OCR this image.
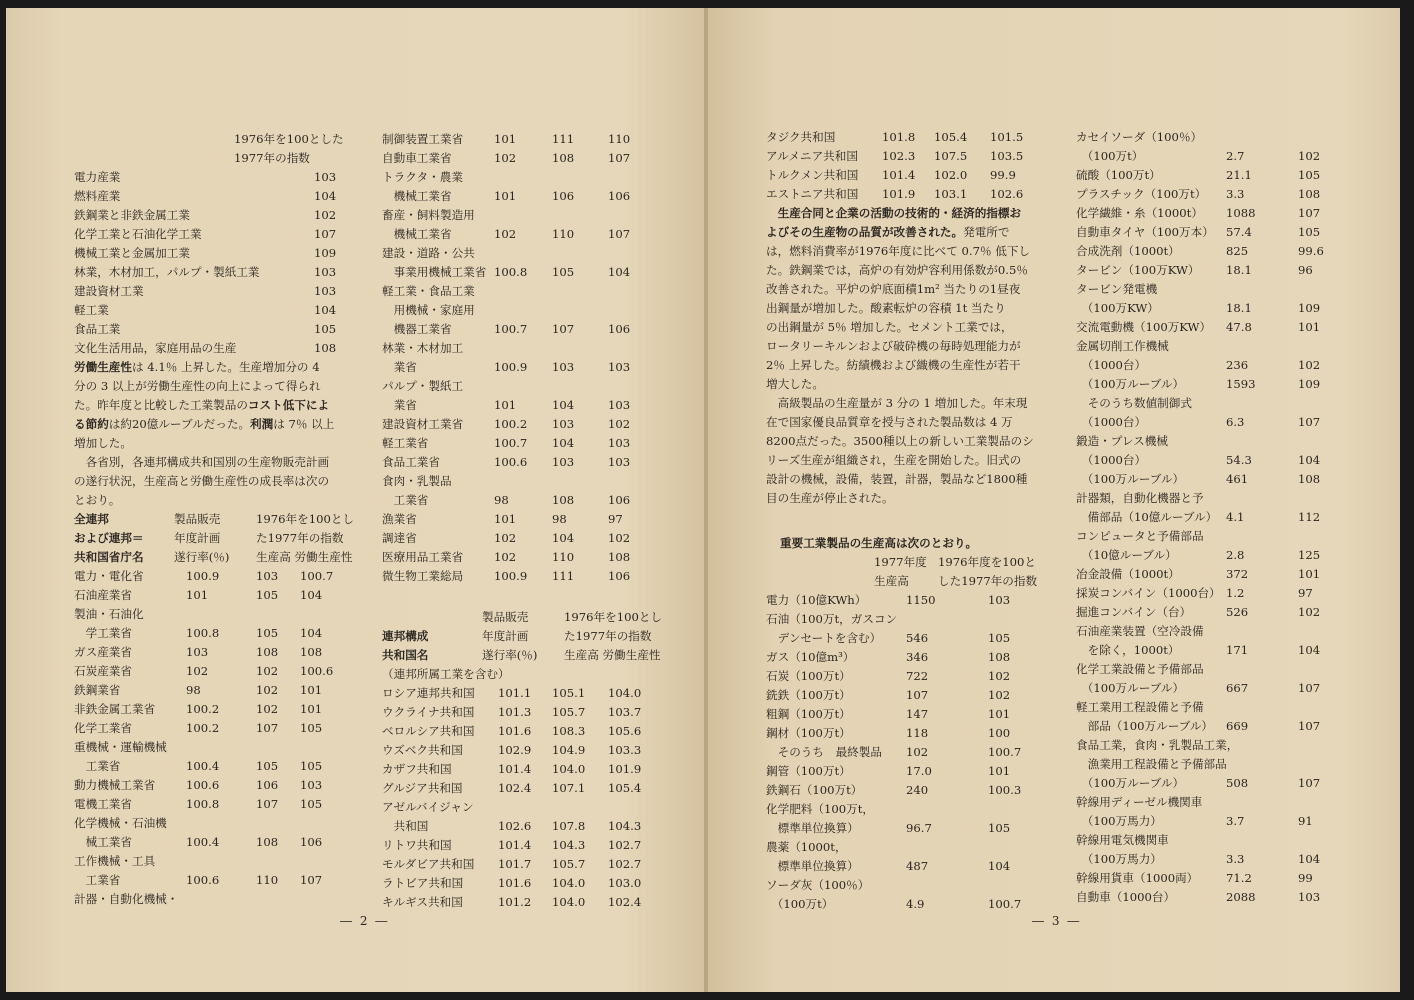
1976年を100とした
1977年の指数
電力産業	103
燃料産業	104
鉄鋼業と非鉄金属工業	102
化学工業と石油化学工業	107
機械工業と金属加工業	109
林業，木材加工，パルプ・製紙工業	103
建設資材工業	103
軽工業	104
食品工業	105
文化生活用品，家庭用品の生産	108
労働生産性は 4.1％ 上昇した。生産増加分の 4
分の 3 以上が労働生産性の向上によって得られ
た。昨年度と比較した工業製品のコスト低下によ
る節約は約20億ルーブルだった。利潤は 7％ 以上
増加した。
　各省別，各連邦構成共和国別の生産物販売計画
の遂行状況，生産高と労働生産性の成長率は次の
とおり。
全連邦	製品販売	1976年を100とし
および連邦＝	年度計画	た1977年の指数
共和国省庁名	遂行率(％) 生産高 労働生産性
電力・電化省	100.9	103 100.7
石油産業省	101	105 104
製油・石油化
　学工業省	100.8	105 104
ガス産業省	103	108 108
石炭産業省	102	102 100.6
鉄鋼業省	98	102 101
非鉄金属工業省	100.2	102 101
化学工業省	100.2	107 105
重機械・運輸機械
　工業省	100.4	105 105
動力機械工業省	100.6	106 103
電機工業省	100.8	107 105
化学機械・石油機
　械工業省	100.4	108 106
工作機械・工具
　工業省	100.6	110 107
計器・自動化機械・
制御装置工業省	101	111	110
自動車工業省	102	108	107
トラクタ・農業
　機械工業省	101	106	106
畜産・飼料製造用
　機械工業省	102	110	107
建設・道路・公共
　事業用機械工業省 100.8 105	104
軽工業・食品工業
　用機械・家庭用
　機器工業省	100.7 107	106
林業・木材加工
　業省	100.9 103	103
パルプ・製紙工
　業省	101	104	103
建設資材工業省	100.2 103	102
軽工業省	100.7 104	103
食品工業省	100.6 103	103
食肉・乳製品
　工業省	98	108	106
漁業省	101	98	97
調達省	102	104	102
医療用品工業省	102	110	108
微生物工業総局	100.9 111	106
製品販売	1976年を100とし
連邦構成	年度計画	た1977年の指数
共和国名	遂行率(％) 生産高 労働生産性
（連邦所属工業を含む）
ロシア連邦共和国 101.1 105.1 104.0
ウクライナ共和国 101.3 105.7 103.7
ベロルシア共和国 101.6 108.3 105.6
ウズベク共和国	102.9 104.9 103.3
カザフ共和国	101.4 104.0 101.9
グルジア共和国	102.4 107.1 105.4
アゼルバイジャン
　共和国	102.6 107.8 104.3
リトワ共和国	101.4 104.3 102.7
モルダビア共和国 101.7 105.7 102.7
ラトビア共和国	101.6 104.0 103.0
キルギス共和国	101.2 104.0 102.4
― 2 ―
タジク共和国	101.8 105.4 101.5
アルメニア共和国 102.3 107.5 103.5
トルクメン共和国 101.4 102.0 99.9
エストニア共和国 101.9 103.1 102.6
　生産合同と企業の活動の技術的・経済的指標お
よびその生産物の品質が改善された。発電所で
は，燃料消費率が1976年度に比べて 0.7％ 低下し
た。鉄鋼業では，高炉の有効炉容利用係数が0.5％
改善された。平炉の炉底面積1m² 当たりの1昼夜
出鋼量が増加した。酸素転炉の容積 1t 当たり
の出鋼量が 5％ 増加した。セメント工業では，
ロータリーキルンおよび破砕機の毎時処理能力が
2％ 上昇した。紡績機および織機の生産性が若干
増大した。
　高級製品の生産量が 3 分の 1 増加した。年末現
在で国家優良品質章を授与された製品数は 4 万
8200点だった。3500種以上の新しい工業製品のシ
リーズ生産が組織され，生産を開始した。旧式の
設計の機械，設備，装置，計器，製品など1800種
目の生産が停止された。
重要工業製品の生産高は次のとおり。
1977年度 1976年度を100と
生産高	した1977年の指数
電力（10億KWh）	1150	103
石油（100万t，ガスコン
　デンセートを含む） 546	105
ガス（10億m³）	346	108
石炭（100万t）	722	102
銑鉄（100万t）	107	102
粗鋼（100万t）	147	101
鋼材（100万t）	118	100
　そのうち　最終製品 102	100.7
鋼管（100万t）	17.0	101
鉄鋼石（100万t）	240	100.3
化学肥料（100万t，
　標準単位換算）	96.7	105
農薬（1000t，
　標準単位換算）	487	104
ソーダ灰（100％）
　（100万t）	4.9	100.7
カセイソーダ（100％）
　（100万t）	2.7	102
硫酸（100万t）	21.1	105
プラスチック（100万t） 3.3	108
化学繊維・糸（1000t） 1088	107
自動車タイヤ（100万本） 57.4	105
合成洗剤（1000t）	825	99.6
タービン（100万KW） 18.1	96
タービン発電機
　（100万KW）	18.1	109
交流電動機（100万KW） 47.8	101
金属切削工作機械
　（1000台）	236	102
　（100万ルーブル）	1593	109
　そのうち数値制御式
　（1000台）	6.3	107
鍛造・プレス機械
　（1000台）	54.3	104
　（100万ルーブル）	461	108
計器類，自動化機器と予
　備部品（10億ルーブル） 4.1	112
コンピュータと予備部品
　（10億ルーブル）	2.8	125
冶金設備（1000t）	372	101
採炭コンバイン（1000台） 1.2	97
掘進コンバイン（台）	526	102
石油産業装置（空冷設備
　を除く，1000t）	171	104
化学工業設備と予備部品
　（100万ルーブル）	667	107
軽工業用工程設備と予備
　部品（100万ルーブル） 669	107
食品工業，食肉・乳製品工業，
　漁業用工程設備と予備部品
　（100万ルーブル）	508	107
幹線用ディーゼル機関車
　（100万馬力）	3.7	91
幹線用電気機関車
　（100万馬力）	3.3	104
幹線用貨車（1000両） 71.2	99
自動車（1000台）	2088	103
― 3 ―
